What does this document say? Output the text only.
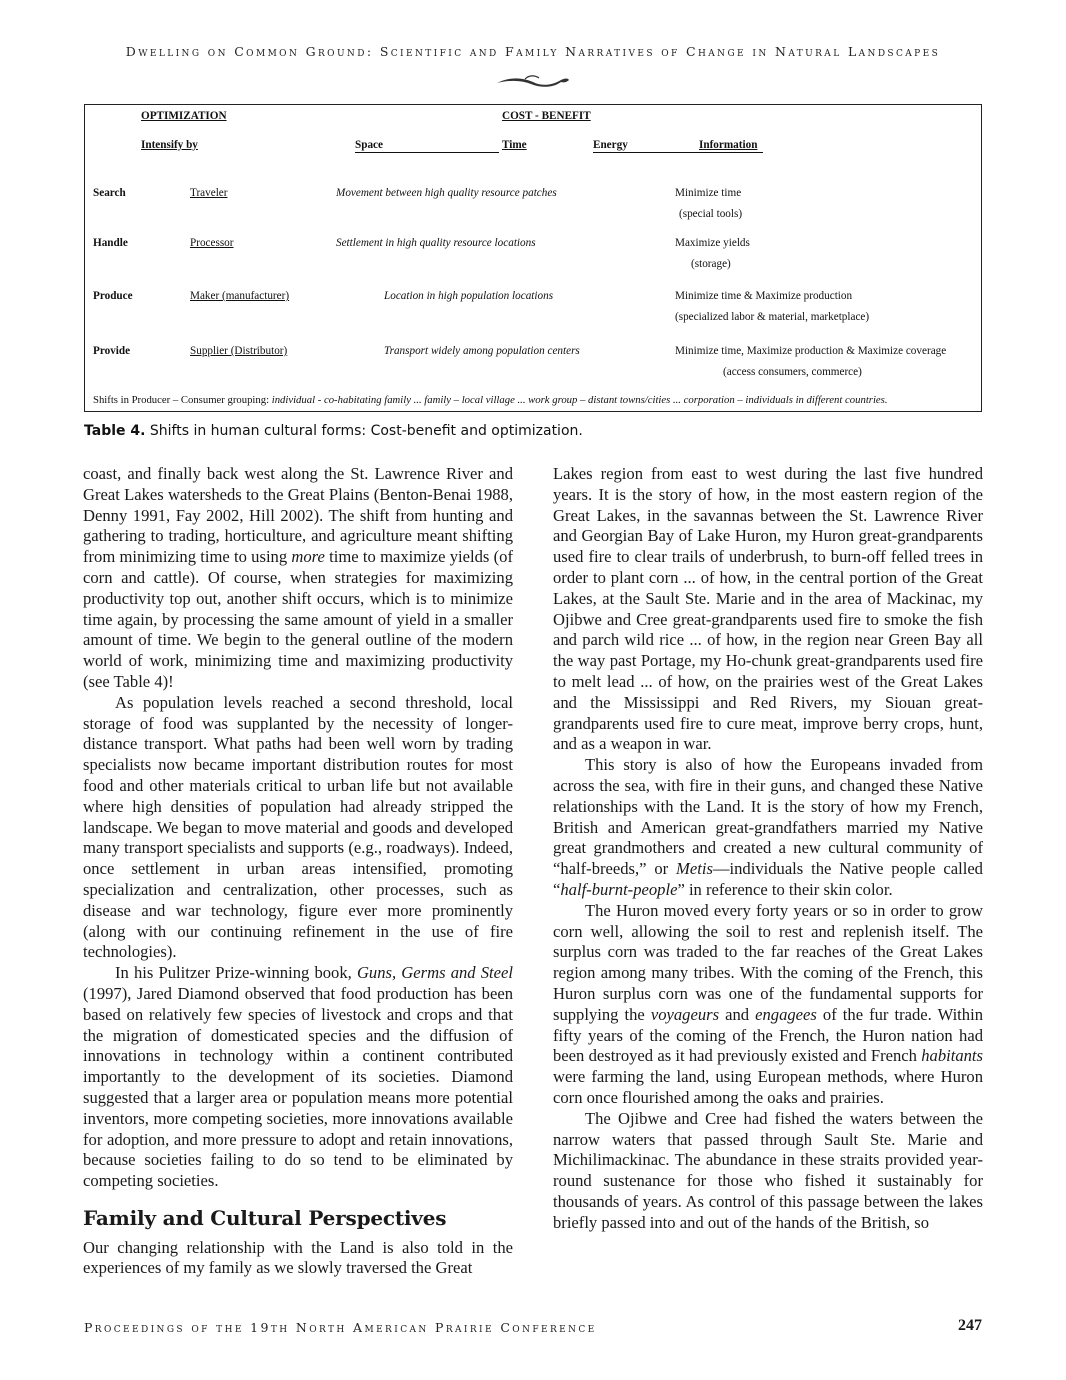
Dwelling on Common Ground: Scientific and Family Narratives of Change in Natural Landscapes
OPTIMIZATION	COST - BENEFIT
Intensify by	Space	Time	Energy	Information
Search	Traveler	Movement between high quality resource patches	Minimize time
(special tools)
Handle	Processor	Settlement in high quality resource locations	Maximize yields
(storage)
Produce	Maker (manufacturer)	Location in high population locations	Minimize time & Maximize production
(specialized labor & material, marketplace)
Provide	Supplier (Distributor)	Transport widely among population centers	Minimize time, Maximize production & Maximize coverage
(access consumers, commerce)
Shifts in Producer – Consumer grouping: individual - co-habitating family ... family – local village ... work group – distant towns/cities ... corporation – individuals in different countries.
Table 4. Shifts in human cultural forms: Cost-benefit and optimization.

coast, and finally back west along the St. Lawrence River and Great Lakes watersheds to the Great Plains (Benton-Benai 1988, Denny 1991, Fay 2002, Hill 2002). The shift from hunting and gathering to trading, horticulture, and agriculture meant shifting from minimizing time to using more time to maximize yields (of corn and cattle). Of course, when strategies for maximizing productivity top out, another shift occurs, which is to minimize time again, by processing the same amount of yield in a smaller amount of time. We begin to the general outline of the modern world of work, minimizing time and maximizing productivity (see Table 4)!

As population levels reached a second threshold, local storage of food was supplanted by the necessity of longer-distance transport. What paths had been well worn by trading specialists now became important distribution routes for most food and other materials critical to urban life but not available where high densities of population had already stripped the landscape. We began to move material and goods and developed many transport specialists and supports (e.g., roadways). Indeed, once settlement in urban areas intensified, promoting specialization and centralization, other processes, such as disease and war technology, figure ever more prominently (along with our continuing refinement in the use of fire technologies).

In his Pulitzer Prize-winning book, Guns, Germs and Steel (1997), Jared Diamond observed that food production has been based on relatively few species of livestock and crops and that the migration of domesticated species and the diffusion of innovations in technology within a continent contributed importantly to the development of its societies. Diamond suggested that a larger area or population means more potential inventors, more competing societies, more innovations available for adoption, and more pressure to adopt and retain innovations, because societies failing to do so tend to be eliminated by competing societies.

Family and Cultural Perspectives

Our changing relationship with the Land is also told in the experiences of my family as we slowly traversed the Great

Lakes region from east to west during the last five hundred years. It is the story of how, in the most eastern region of the Great Lakes, in the savannas between the St. Lawrence River and Georgian Bay of Lake Huron, my Huron great-grandparents used fire to clear trails of underbrush, to burn-off felled trees in order to plant corn ... of how, in the central portion of the Great Lakes, at the Sault Ste. Marie and in the area of Mackinac, my Ojibwe and Cree great-grandparents used fire to smoke the fish and parch wild rice ... of how, in the region near Green Bay all the way past Portage, my Ho-chunk great-grandparents used fire to melt lead ... of how, on the prairies west of the Great Lakes and the Mississippi and Red Rivers, my Siouan great-grandparents used fire to cure meat, improve berry crops, hunt, and as a weapon in war.

This story is also of how the Europeans invaded from across the sea, with fire in their guns, and changed these Native relationships with the Land. It is the story of how my French, British and American great-grandfathers married my Native great grandmothers and created a new cultural community of “half-breeds,” or Metis—individuals the Native people called “half-burnt-people” in reference to their skin color.

The Huron moved every forty years or so in order to grow corn well, allowing the soil to rest and replenish itself. The surplus corn was traded to the far reaches of the Great Lakes region among many tribes. With the coming of the French, this Huron surplus corn was one of the fundamental supports for supplying the voyageurs and engagees of the fur trade. Within fifty years of the coming of the French, the Huron nation had been destroyed as it had previously existed and French habitants were farming the land, using European methods, where Huron corn once flourished among the oaks and prairies.

The Ojibwe and Cree had fished the waters between the narrow waters that passed through Sault Ste. Marie and Michilimackinac. The abundance in these straits provided year-round sustenance for those who fished it sustainably for thousands of years. As control of this passage between the lakes briefly passed into and out of the hands of the British, so

Proceedings of the 19th North American Prairie Conference	247
